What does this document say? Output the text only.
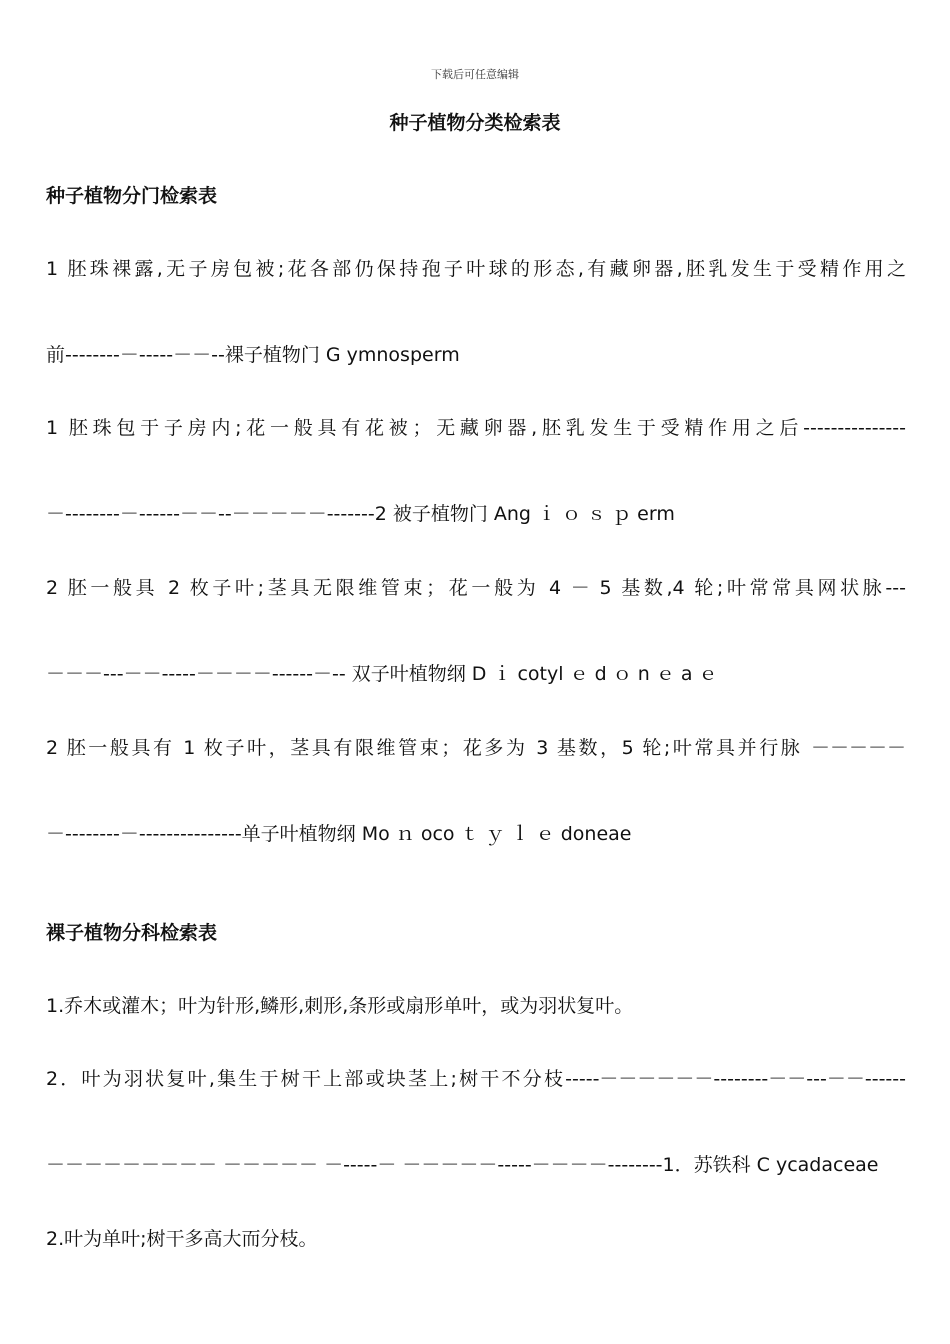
下载后可任意编辑
种子植物分类检索表
种子植物分门检索表
1 胚珠裸露,无子房包被;花各部仍保持孢子叶球的形态,有藏卵器,胚乳发生于受精作用之
前--------－-----－－--裸子植物门 G ymnosperm
1 胚珠包于子房内;花一般具有花被；无藏卵器,胚乳发生于受精作用之后---------------
－--------－------－－--－－－－－-------2 被子植物门 Ang ｉ ｏ ｓ ｐ erm
2 胚一般具 2 枚子叶;茎具无限维管束；花一般为 4 － 5 基数,4 轮;叶常常具网状脉---
－－－---－－-----－－－－------－-- 双子叶植物纲 D ｉ cotyl ｅ d ｏ n ｅ a ｅ
2 胚一般具有 1 枚子叶，茎具有限维管束；花多为 3 基数，5 轮;叶常具并行脉 －－－－－
－--------－---------------单子叶植物纲 Mo ｎ oco ｔ ｙ ｌ ｅ doneae
裸子植物分科检索表
1.乔木或灌木；叶为针形,鳞形,刺形,条形或扇形单叶，或为羽状复叶。
2．叶为羽状复叶,集生于树干上部或块茎上;树干不分枝-----－－－－－－--------－－---－－------
－－－－－－－－－ －－－－－ －-----－ －－－－－-----－－－－--------1．苏铁科 C ycadaceae
2.叶为单叶;树干多高大而分枝。
